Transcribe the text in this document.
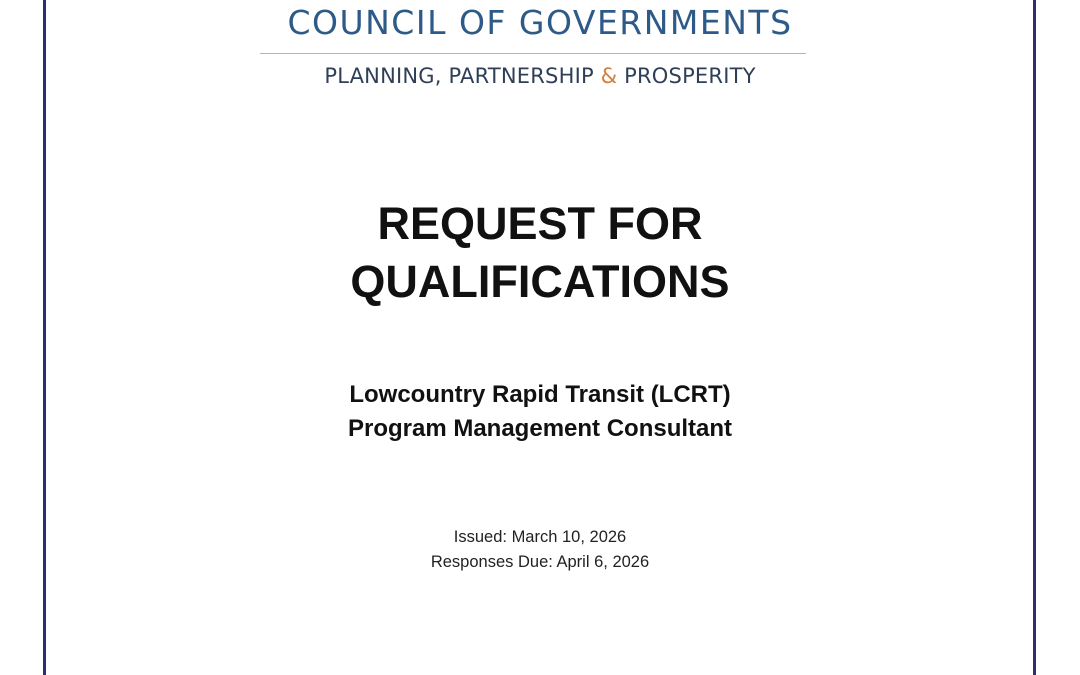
COUNCIL OF GOVERNMENTS
PLANNING, PARTNERSHIP & PROSPERITY
REQUEST FOR
QUALIFICATIONS
Lowcountry Rapid Transit (LCRT)
Program Management Consultant
Issued: March 10, 2026
Responses Due: April 6, 2026
